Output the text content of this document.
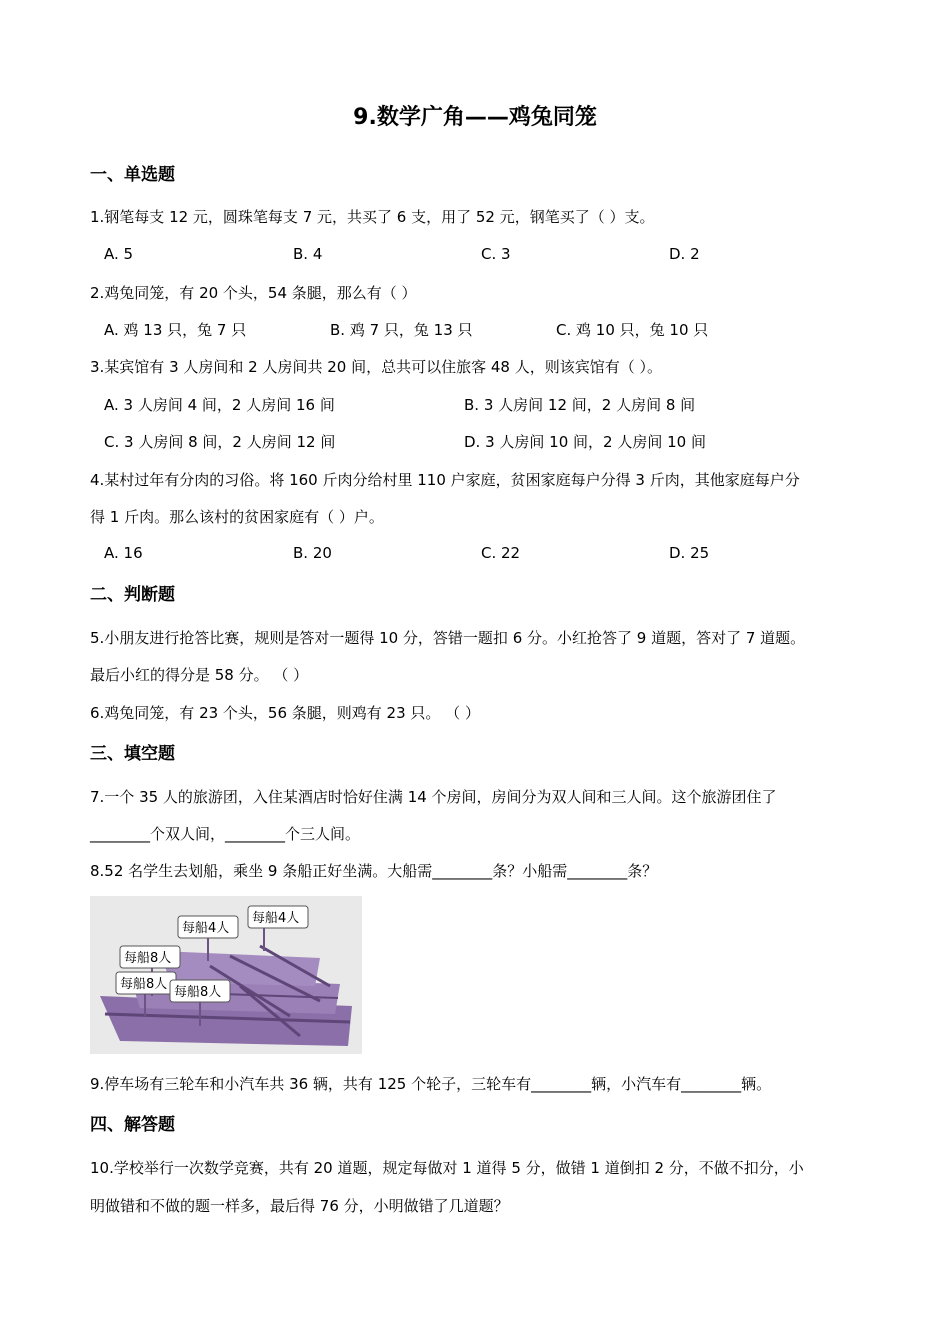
9.数学广角——鸡兔同笼
一、单选题
1.钢笔每支 12 元，圆珠笔每支 7 元，共买了 6 支，用了 52 元，钢笔买了（ ）支。
A. 5	B. 4	C. 3	D. 2
2.鸡兔同笼，有 20 个头，54 条腿，那么有（ ）
A. 鸡 13 只，兔 7 只	B. 鸡 7 只，兔 13 只	C. 鸡 10 只，兔 10 只
3.某宾馆有 3 人房间和 2 人房间共 20 间，总共可以住旅客 48 人，则该宾馆有（ ）。
A. 3 人房间 4 间，2 人房间 16 间	B. 3 人房间 12 间，2 人房间 8 间
C. 3 人房间 8 间，2 人房间 12 间	D. 3 人房间 10 间，2 人房间 10 间
4.某村过年有分肉的习俗。将 160 斤肉分给村里 110 户家庭，贫困家庭每户分得 3 斤肉，其他家庭每户分
得 1 斤肉。那么该村的贫困家庭有（ ）户。
A. 16	B. 20	C. 22	D. 25
二、判断题
5.小朋友进行抢答比赛，规则是答对一题得 10 分，答错一题扣 6 分。小红抢答了 9 道题，答对了 7 道题。
最后小红的得分是 58 分。 （ ）
6.鸡兔同笼，有 23 个头，56 条腿，则鸡有 23 只。 （ ）
三、填空题
7.一个 35 人的旅游团，入住某酒店时恰好住满 14 个房间，房间分为双人间和三人间。这个旅游团住了
________个双人间，________个三人间。
8.52 名学生去划船，乘坐 9 条船正好坐满。大船需________条？小船需________条？
每船4人
每船4人
每船8人
每船8人
每船8人
9.停车场有三轮车和小汽车共 36 辆，共有 125 个轮子，三轮车有________辆，小汽车有________辆。
四、解答题
10.学校举行一次数学竞赛，共有 20 道题，规定每做对 1 道得 5 分，做错 1 道倒扣 2 分，不做不扣分，小
明做错和不做的题一样多，最后得 76 分，小明做错了几道题？
